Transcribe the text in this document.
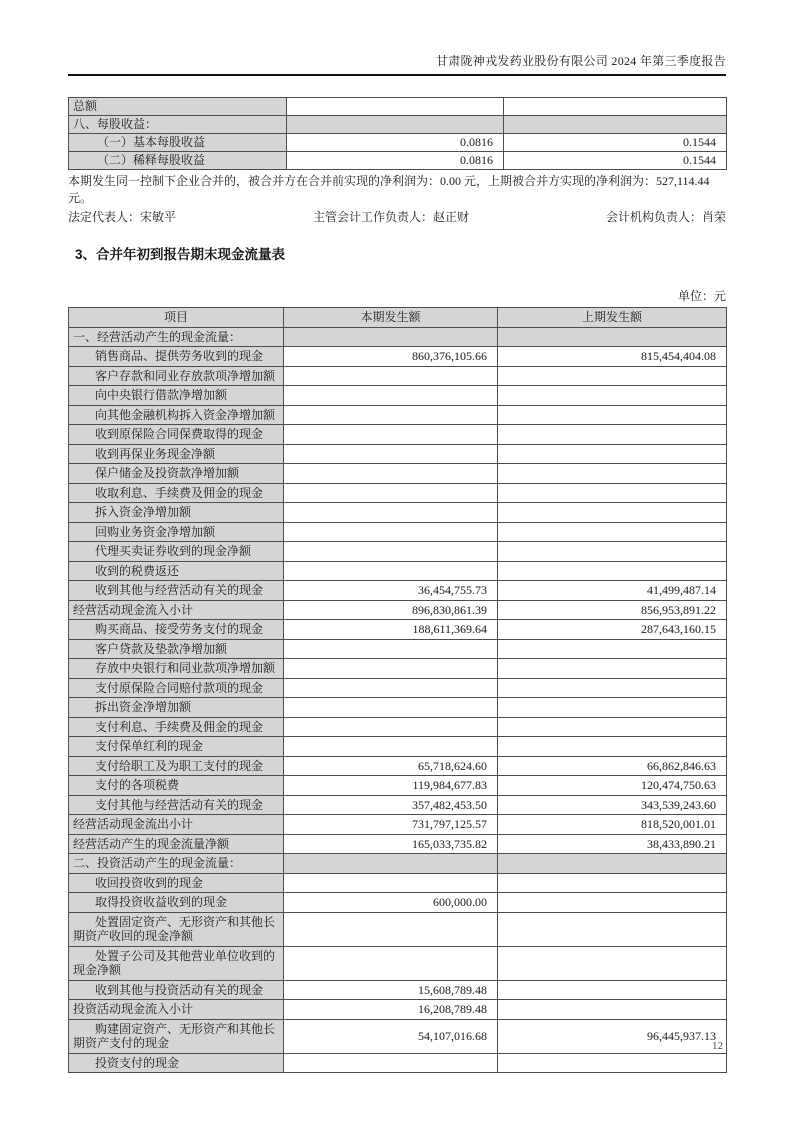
甘肃陇神戎发药业股份有限公司 2024 年第三季度报告
总额		
八、每股收益：		
（一）基本每股收益	0.0816	0.1544
（二）稀释每股收益	0.0816	0.1544

本期发生同一控制下企业合并的，被合并方在合并前实现的净利润为：0.00 元，上期被合并方实现的净利润为：527,114.44 元。

法定代表人：宋敏平	主管会计工作负责人：赵正财	会计机构负责人：肖荣
3、合并年初到报告期末现金流量表
单位：元
项目	本期发生额	上期发生额
一、经营活动产生的现金流量：		
销售商品、提供劳务收到的现金	860,376,105.66	815,454,404.08
客户存款和同业存放款项净增加额		
向中央银行借款净增加额		
向其他金融机构拆入资金净增加额		
收到原保险合同保费取得的现金		
收到再保业务现金净额		
保户储金及投资款净增加额		
收取利息、手续费及佣金的现金		
拆入资金净增加额		
回购业务资金净增加额		
代理买卖证券收到的现金净额		
收到的税费返还		
收到其他与经营活动有关的现金	36,454,755.73	41,499,487.14
经营活动现金流入小计	896,830,861.39	856,953,891.22
购买商品、接受劳务支付的现金	188,611,369.64	287,643,160.15
客户贷款及垫款净增加额		
存放中央银行和同业款项净增加额		
支付原保险合同赔付款项的现金		
拆出资金净增加额		
支付利息、手续费及佣金的现金		
支付保单红利的现金		
支付给职工及为职工支付的现金	65,718,624.60	66,862,846.63
支付的各项税费	119,984,677.83	120,474,750.63
支付其他与经营活动有关的现金	357,482,453.50	343,539,243.60
经营活动现金流出小计	731,797,125.57	818,520,001.01
经营活动产生的现金流量净额	165,033,735.82	38,433,890.21
二、投资活动产生的现金流量：		
收回投资收到的现金		
取得投资收益收到的现金	600,000.00	
处置固定资产、无形资产和其他长期资产收回的现金净额		
处置子公司及其他营业单位收到的现金净额		
收到其他与投资活动有关的现金	15,608,789.48	
投资活动现金流入小计	16,208,789.48	
购建固定资产、无形资产和其他长期资产支付的现金	54,107,016.68	96,445,937.13
投资支付的现金		
12
